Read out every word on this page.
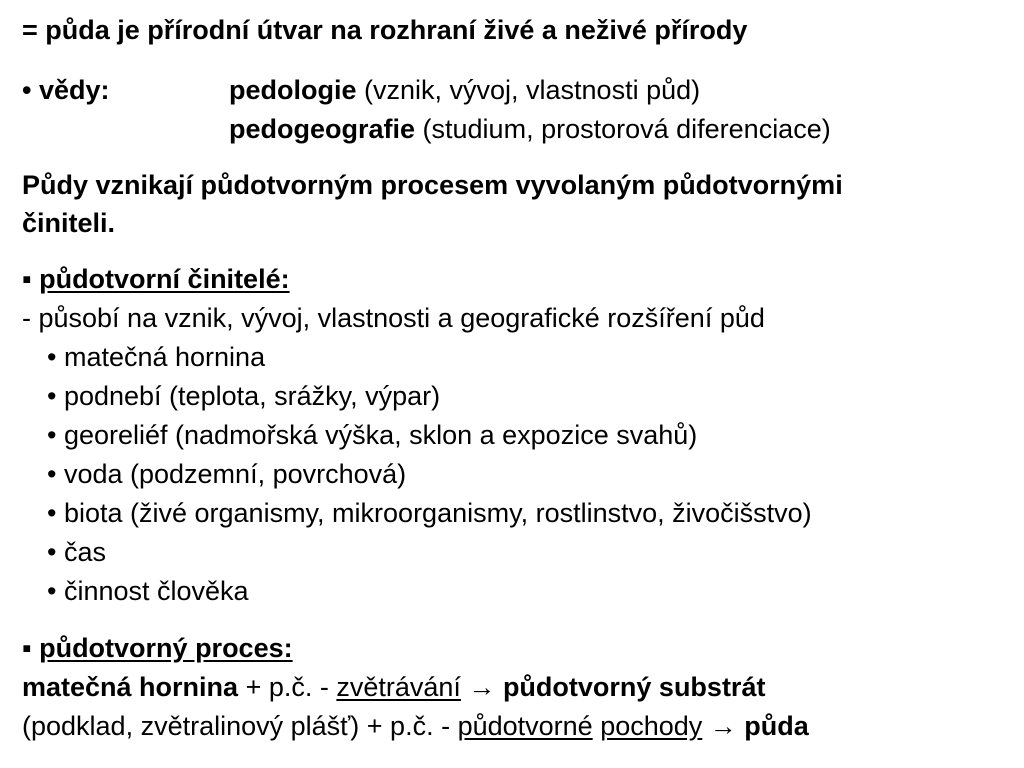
= půda je přírodní útvar na rozhraní živé a neživé přírody
• vědy:	pedologie (vznik, vývoj, vlastnosti půd)
pedogeografie (studium, prostorová diferenciace)
Půdy vznikají půdotvorným procesem vyvolaným půdotvornými
činiteli.
▪ půdotvorní činitelé:
- působí na vznik, vývoj, vlastnosti a geografické rozšíření půd
• matečná hornina
• podnebí (teplota, srážky, výpar)
• georeliéf (nadmořská výška, sklon a expozice svahů)
• voda (podzemní, povrchová)
• biota (živé organismy, mikroorganismy, rostlinstvo, živočišstvo)
• čas
• činnost člověka
▪ půdotvorný proces:
matečná hornina + p.č. - zvětrávání → půdotvorný substrát
(podklad, zvětralinový plášť) + p.č. - půdotvorné pochody → půda
